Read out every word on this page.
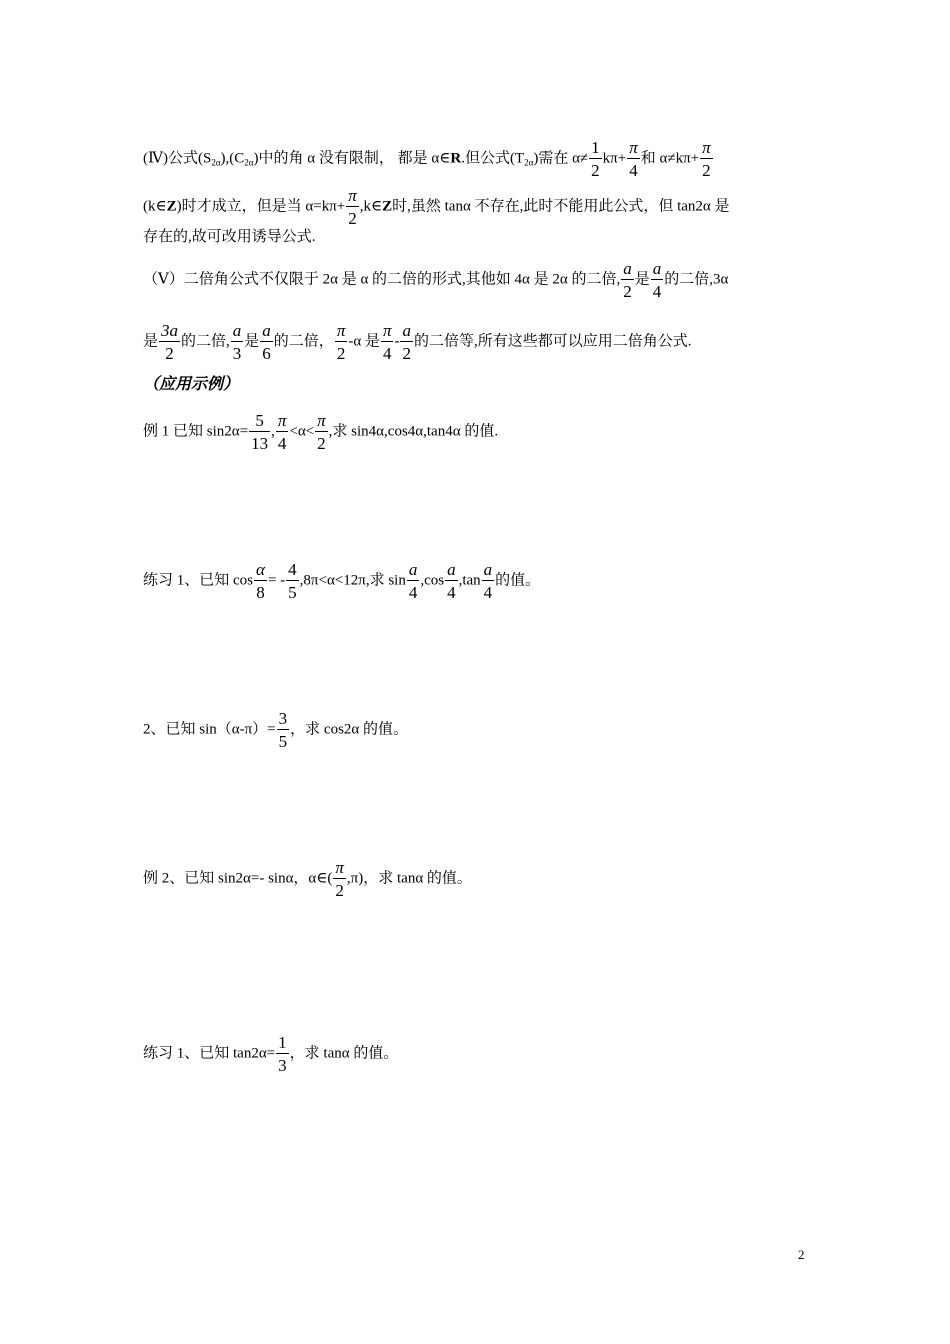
(Ⅳ)公式$(S_{2\alpha}),(C_{2\alpha})$中的角 α 没有限制， 都是 α∈R.但公式$(T_{2\alpha})$需在 $\alpha\ne \frac{1}{2} k\pi+ \frac{\pi}{4}$ 和 $\alpha\ne k\pi+ \frac{\pi}{2}$
(k∈Z)时才成立，但是当 $\alpha=k\pi+ \frac{\pi}{2}$ ,k∈Z时,虽然 tanα 不存在,此时不能用此公式，但 tan2α 是
存在的,故可改用诱导公式.
（Ⅴ）二倍角公式不仅限于 2α 是 α 的二倍的形式,其他如 4α 是 2α 的二倍, $\frac{a}{2}$ 是 $\frac{a}{4}$ 的二倍,3α
是 $\frac{3a}{2}$ 的二倍, $\frac{a}{3}$ 是 $\frac{a}{6}$ 的二倍， $\frac{\pi}{2} -\alpha$ 是 $\frac{\pi}{4} - \frac{a}{2}$ 的二倍等,所有这些都可以应用二倍角公式.
（应用示例）
例 1 已知 $\sin 2\alpha= \frac{5}{13}$ , $\frac{\pi}{4} <\alpha< \frac{\pi}{2}$ ,求 sin4α,cos4α,tan4α 的值.
练习 1、已知 $\cos \frac{\alpha}{8}$ = - $\frac{4}{5} ,8\pi<\alpha<12\pi$,求 $\sin \frac{a}{4} ,\cos \frac{a}{4} ,\tan \frac{a}{4}$ 的值。
2、已知 $\sin(\alpha-\pi)= \frac{3}{5}$ ，求 cos2α 的值。
例 2、已知 sin2α=- sinα，α∈( $\frac{\pi}{2} ,\pi$)，求 tanα 的值。
练习 1、已知 $\tan 2\alpha= \frac{1}{3}$ ，求 tanα 的值。
2
